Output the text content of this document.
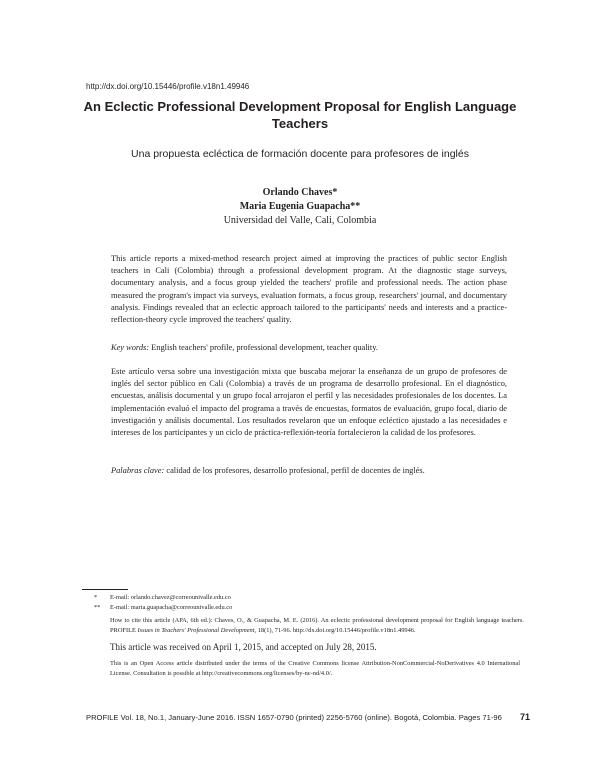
http://dx.doi.org/10.15446/profile.v18n1.49946
An Eclectic Professional Development Proposal for English Language Teachers
Una propuesta ecléctica de formación docente para profesores de inglés
Orlando Chaves*
Maria Eugenia Guapacha**
Universidad del Valle, Cali, Colombia

This article reports a mixed-method research project aimed at improving the practices of public sector English teachers in Cali (Colombia) through a professional development program. At the diagnostic stage surveys, documentary analysis, and a focus group yielded the teachers' profile and professional needs. The action phase measured the program's impact via surveys, evaluation formats, a focus group, researchers' journal, and documentary analysis. Findings revealed that an eclectic approach tailored to the participants' needs and interests and a practice-reflection-theory cycle improved the teachers' quality.

Key words: English teachers' profile, professional development, teacher quality.

Este artículo versa sobre una investigación mixta que buscaba mejorar la enseñanza de un grupo de profesores de inglés del sector público en Cali (Colombia) a través de un programa de desarrollo profesional. En el diagnóstico, encuestas, análisis documental y un grupo focal arrojaron el perfil y las necesidades profesionales de los docentes. La implementación evaluó el impacto del programa a través de encuestas, formatos de evaluación, grupo focal, diario de investigación y análisis documental. Los resultados revelaron que un enfoque ecléctico ajustado a las necesidades e intereses de los participantes y un ciclo de práctica-reflexión-teoría fortalecieron la calidad de los profesores.

Palabras clave: calidad de los profesores, desarrollo profesional, perfil de docentes de inglés.

* E-mail: orlando.chavez@correounivalle.edu.co
** E-mail: maria.guapacha@correounivalle.edu.co
How to cite this article (APA, 6th ed.): Chaves, O., & Guapacha, M. E. (2016). An eclectic professional development proposal for English language teachers. PROFILE Issues in Teachers' Professional Development, 18(1), 71-96. http://dx.doi.org/10.15446/profile.v18n1.49946.
This article was received on April 1, 2015, and accepted on July 28, 2015.
This is an Open Access article distributed under the terms of the Creative Commons license Attribution-NonCommercial-NoDerivatives 4.0 International License. Consultation is possible at http://creativecommons.org/licenses/by-nc-nd/4.0/.
PROFILE Vol. 18, No.1, January-June 2016. ISSN 1657-0790 (printed) 2256-5760 (online). Bogotá, Colombia. Pages 71-96 71
